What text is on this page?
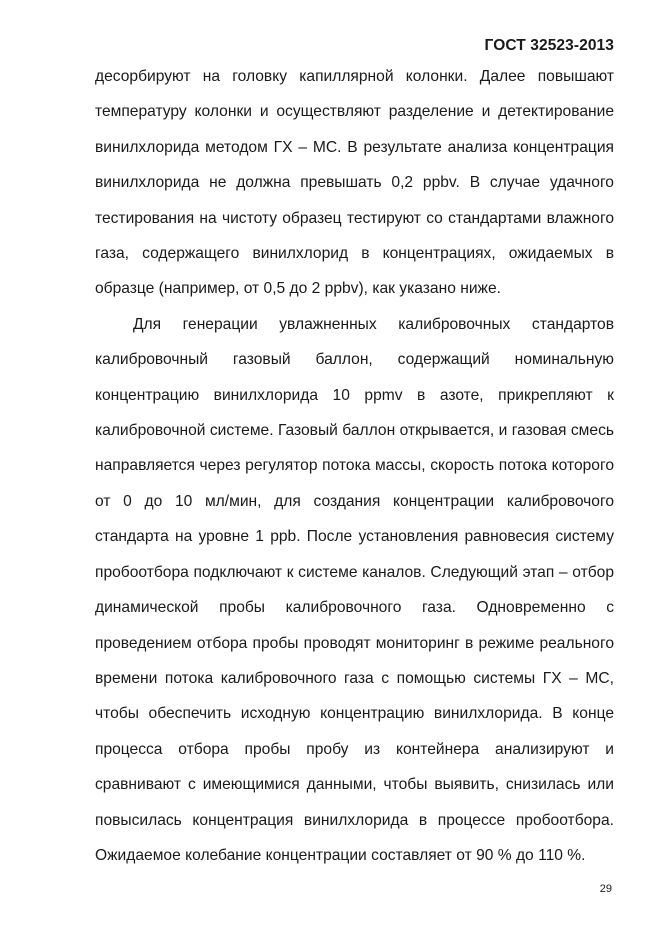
ГОСТ 32523-2013

десорбируют на головку капиллярной колонки. Далее повышают температуру колонки и осуществляют разделение и детектирование винилхлорида методом ГХ – МС. В результате анализа концентрация винилхлорида не должна превышать 0,2 ppbv. В случае удачного тестирования на чистоту образец тестируют со стандартами влажного газа, содержащего винилхлорид в концентрациях, ожидаемых в образце (например, от 0,5 до 2 ppbv), как указано ниже.

Для генерации увлажненных калибровочных стандартов калибровочный газовый баллон, содержащий номинальную концентрацию винилхлорида 10 ppmv в азоте, прикрепляют к калибровочной системе. Газовый баллон открывается, и газовая смесь направляется через регулятор потока массы, скорость потока которого от 0 до 10 мл/мин, для создания концентрации калибровочого стандарта на уровне 1 ppb. После установления равновесия систему пробоотбора подключают к системе каналов. Следующий этап – отбор динамической пробы калибровочного газа. Одновременно с проведением отбора пробы проводят мониторинг в режиме реального времени потока калибровочного газа с помощью системы ГХ – МС, чтобы обеспечить исходную концентрацию винилхлорида. В конце процесса отбора пробы пробу из контейнера анализируют и сравнивают с имеющимися данными, чтобы выявить, снизилась или повысилась концентрация винилхлорида в процессе пробоотбора. Ожидаемое колебание концентрации составляет от 90 % до 110 %.

29
